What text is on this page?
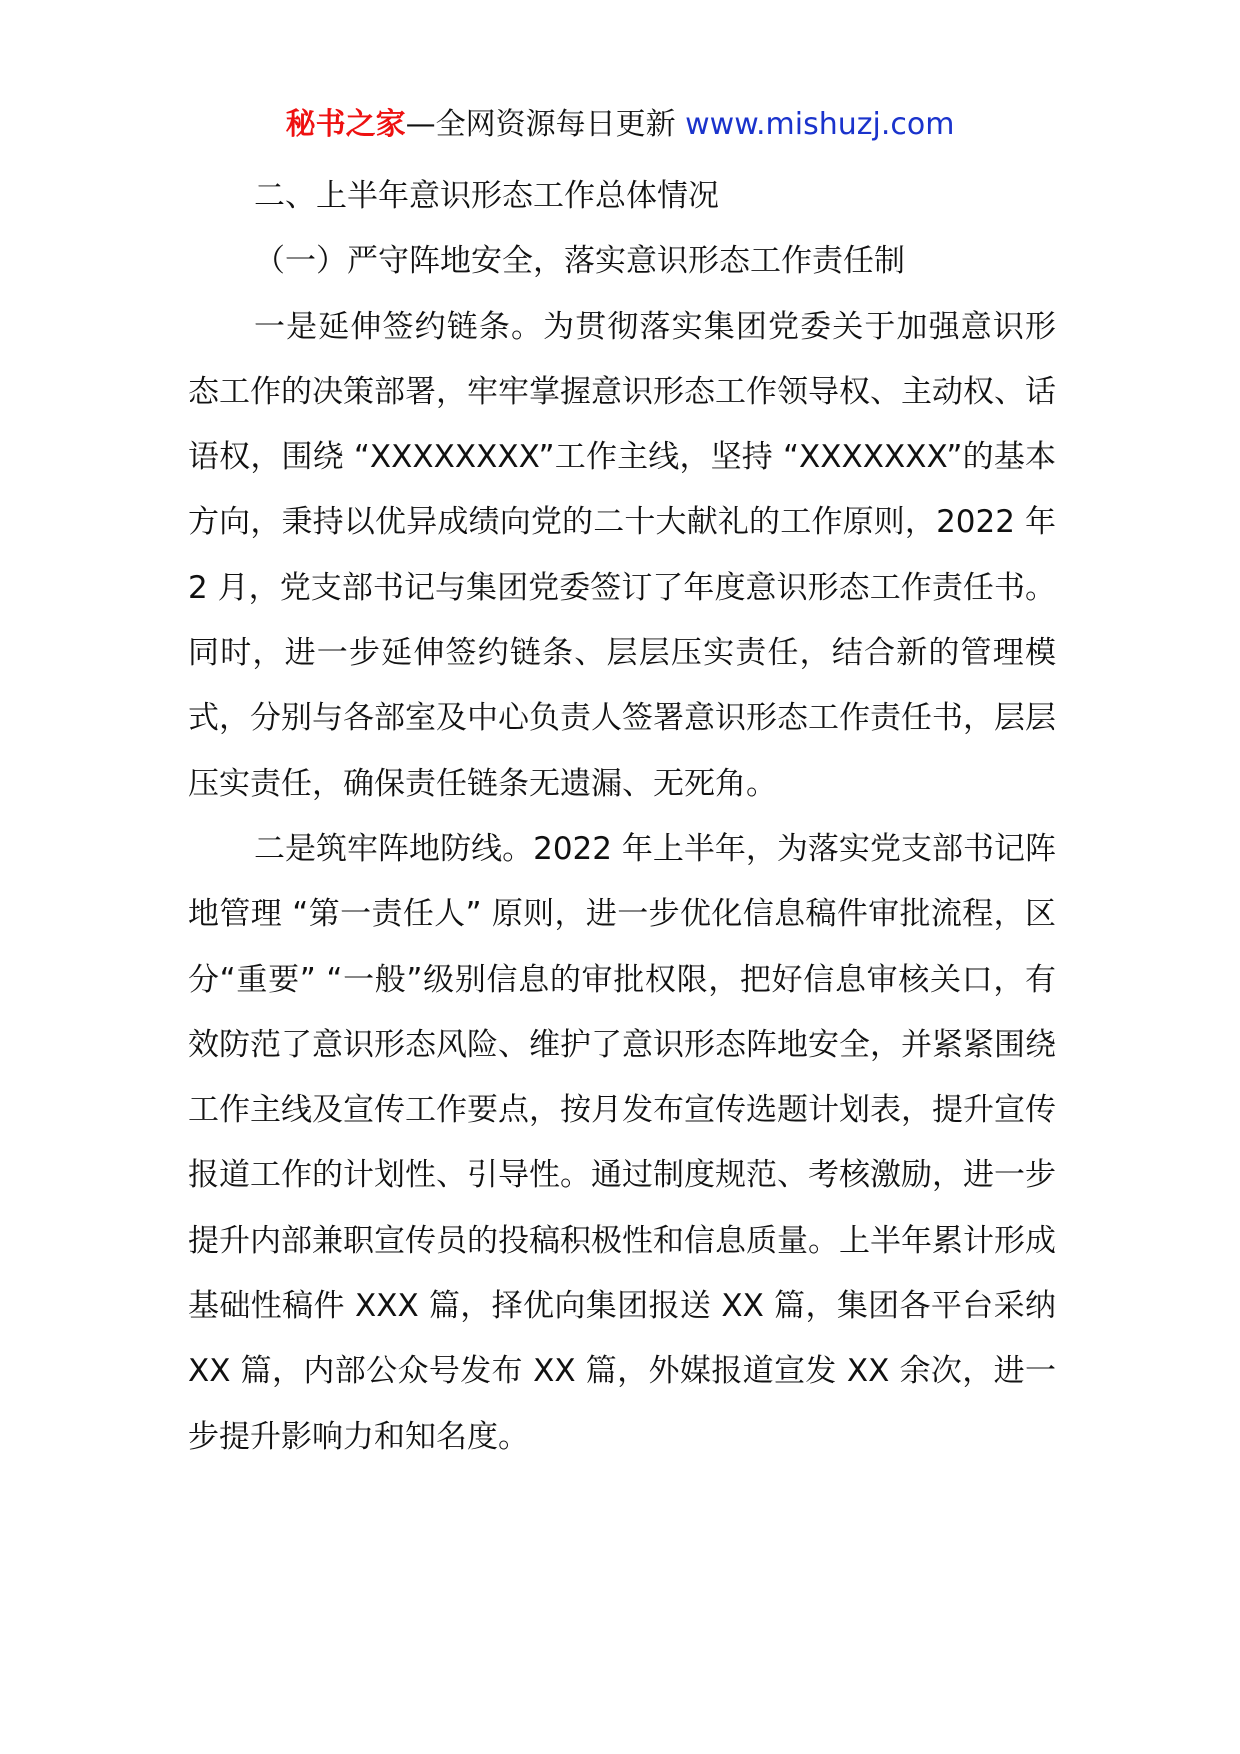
秘书之家—全网资源每日更新 www.mishuzj.com

二、上半年意识形态工作总体情况

（一）严守阵地安全，落实意识形态工作责任制

一是延伸签约链条。为贯彻落实集团党委关于加强意识形态工作的决策部署，牢牢掌握意识形态工作领导权、主动权、话语权，围绕 “XXXXXXXX”工作主线，坚持 “XXXXXXX”的基本方向，秉持以优异成绩向党的二十大献礼的工作原则，2022 年 2 月，党支部书记与集团党委签订了年度意识形态工作责任书。同时，进一步延伸签约链条、层层压实责任，结合新的管理模式，分别与各部室及中心负责人签署意识形态工作责任书，层层压实责任，确保责任链条无遗漏、无死角。

二是筑牢阵地防线。2022 年上半年，为落实党支部书记阵地管理 “第一责任人” 原则，进一步优化信息稿件审批流程，区分“重要” “一般”级别信息的审批权限，把好信息审核关口，有效防范了意识形态风险、维护了意识形态阵地安全，并紧紧围绕工作主线及宣传工作要点，按月发布宣传选题计划表，提升宣传报道工作的计划性、引导性。通过制度规范、考核激励，进一步提升内部兼职宣传员的投稿积极性和信息质量。上半年累计形成基础性稿件 XXX 篇，择优向集团报送 XX 篇，集团各平台采纳 XX 篇，内部公众号发布 XX 篇，外媒报道宣发 XX 余次，进一步提升影响力和知名度。
